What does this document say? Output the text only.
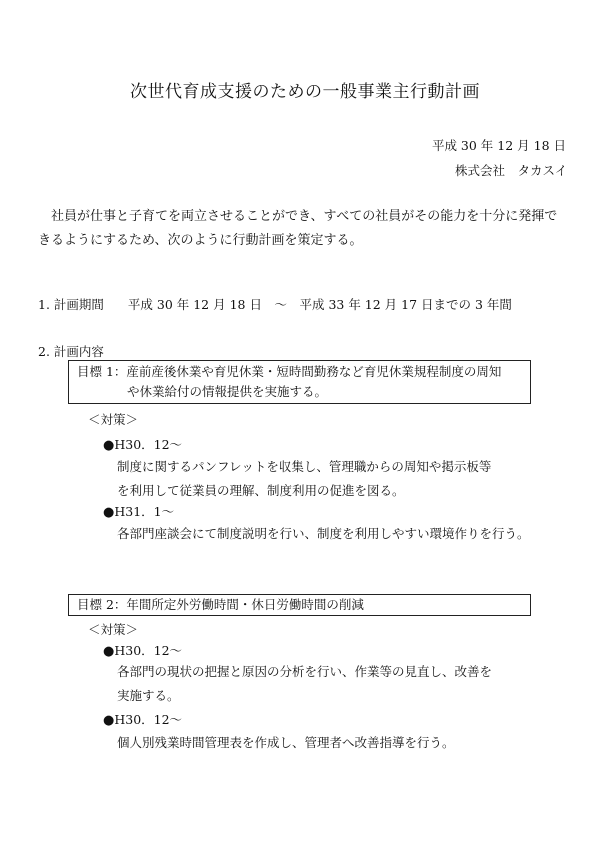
次世代育成支援のための一般事業主行動計画
平成 30 年 12 月 18 日
株式会社　タカスイ
社員が仕事と子育てを両立させることができ、すべての社員がその能力を十分に発揮で
きるようにするため、次のように行動計画を策定する。
1. 計画期間 平成 30 年 12 月 18 日　～　平成 33 年 12 月 17 日までの 3 年間
2. 計画内容
目標 1：産前産後休業や育児休業・短時間勤務など育児休業規程制度の周知
や休業給付の情報提供を実施する。
＜対策＞
●H30．12～
制度に関するパンフレットを収集し、管理職からの周知や掲示板等
を利用して従業員の理解、制度利用の促進を図る。
●H31．1～
各部門座談会にて制度説明を行い、制度を利用しやすい環境作りを行う。
目標 2：年間所定外労働時間・休日労働時間の削減
＜対策＞
●H30．12～
各部門の現状の把握と原因の分析を行い、作業等の見直し、改善を
実施する。
●H30．12～
個人別残業時間管理表を作成し、管理者へ改善指導を行う。
